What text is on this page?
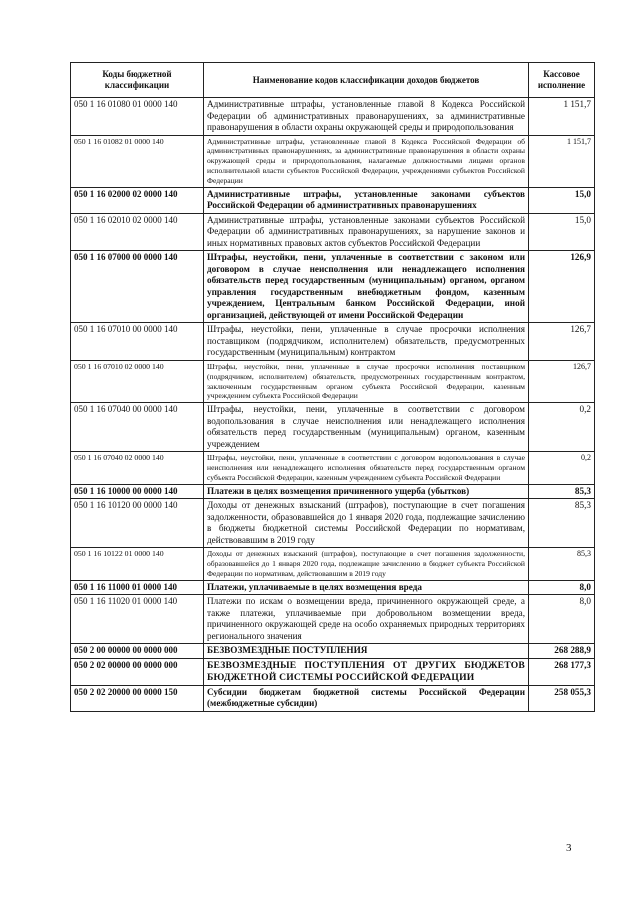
Коды бюджетной классификации	Наименование кодов классификации доходов бюджетов	Кассовое исполнение
050 1 16 01080 01 0000 140	Административные штрафы, установленные главой 8 Кодекса Российской Федерации об административных правонарушениях, за административные правонарушения в области охраны окружающей среды и природопользования	1 151,7
050 1 16 01082 01 0000 140	Административные штрафы, установленные главой 8 Кодекса Российской Федерации об административных правонарушениях, за административные правонарушения в области охраны окружающей среды и природопользования, налагаемые должностными лицами органов исполнительной власти субъектов Российской Федерации, учреждениями субъектов Российской Федерации	1 151,7
050 1 16 02000 02 0000 140	Административные штрафы, установленные законами субъектов Российской Федерации об административных правонарушениях	15,0
050 1 16 02010 02 0000 140	Административные штрафы, установленные законами субъектов Российской Федерации об административных правонарушениях, за нарушение законов и иных нормативных правовых актов субъектов Российской Федерации	15,0
050 1 16 07000 00 0000 140	Штрафы, неустойки, пени, уплаченные в соответствии с законом или договором в случае неисполнения или ненадлежащего исполнения обязательств перед государственным (муниципальным) органом, органом управления государственным внебюджетным фондом, казенным учреждением, Центральным банком Российской Федерации, иной организацией, действующей от имени Российской Федерации	126,9
050 1 16 07010 00 0000 140	Штрафы, неустойки, пени, уплаченные в случае просрочки исполнения поставщиком (подрядчиком, исполнителем) обязательств, предусмотренных государственным (муниципальным) контрактом	126,7
050 1 16 07010 02 0000 140	Штрафы, неустойки, пени, уплаченные в случае просрочки исполнения поставщиком (подрядчиком, исполнителем) обязательств, предусмотренных государственным контрактом, заключенным государственным органом субъекта Российской Федерации, казенным учреждением субъекта Российской Федерации	126,7
050 1 16 07040 00 0000 140	Штрафы, неустойки, пени, уплаченные в соответствии с договором водопользования в случае неисполнения или ненадлежащего исполнения обязательств перед государственным (муниципальным) органом, казенным учреждением	0,2
050 1 16 07040 02 0000 140	Штрафы, неустойки, пени, уплаченные в соответствии с договором водопользования в случае неисполнения или ненадлежащего исполнения обязательств перед государственным органом субъекта Российской Федерации, казенным учреждением субъекта Российской Федерации	0,2
050 1 16 10000 00 0000 140	Платежи в целях возмещения причиненного ущерба (убытков)	85,3
050 1 16 10120 00 0000 140	Доходы от денежных взысканий (штрафов), поступающие в счет погашения задолженности, образовавшейся до 1 января 2020 года, подлежащие зачислению в бюджеты бюджетной системы Российской Федерации по нормативам, действовавшим в 2019 году	85,3
050 1 16 10122 01 0000 140	Доходы от денежных взысканий (штрафов), поступающие в счет погашения задолженности, образовавшейся до 1 января 2020 года, подлежащие зачислению в бюджет субъекта Российской Федерации по нормативам, действовавшим в 2019 году	85,3
050 1 16 11000 01 0000 140	Платежи, уплачиваемые в целях возмещения вреда	8,0
050 1 16 11020 01 0000 140	Платежи по искам о возмещении вреда, причиненного окружающей среде, а также платежи, уплачиваемые при добровольном возмещении вреда, причиненного окружающей среде на особо охраняемых природных территориях регионального значения	8,0
050 2 00 00000 00 0000 000	БЕЗВОЗМЕЗДНЫЕ ПОСТУПЛЕНИЯ	268 288,9
050 2 02 00000 00 0000 000	БЕЗВОЗМЕЗДНЫЕ ПОСТУПЛЕНИЯ ОТ ДРУГИХ БЮДЖЕТОВ БЮДЖЕТНОЙ СИСТЕМЫ РОССИЙСКОЙ ФЕДЕРАЦИИ	268 177,3
050 2 02 20000 00 0000 150	Субсидии бюджетам бюджетной системы Российской Федерации (межбюджетные субсидии)	258 055,3
3
